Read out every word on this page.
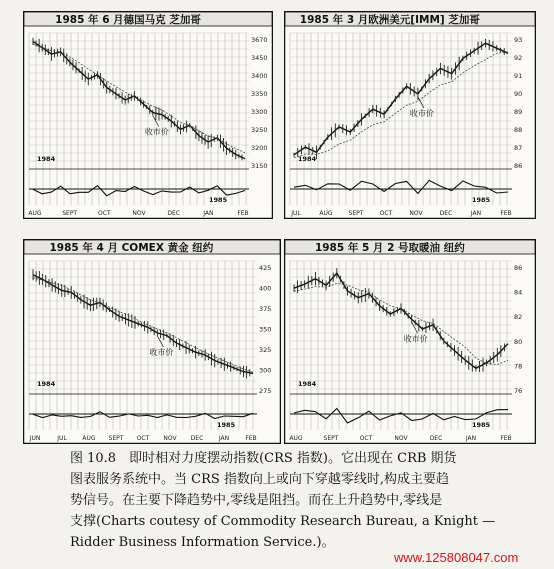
1985 年 6 月德国马克 芝加哥
3670
3450
3400
3350
3300
3250
3200
3150
AUG	SEPT	OCT	NOV	DEC	JAN	FEB
1984
1985
收市价
1985 年 3 月欧洲美元[IMM] 芝加哥
93
92
91
90
89
88
87
86
JUL	AUG	SEPT	OCT	NOV	DEC	JAN	FEB
1984
1985
收市价
1985 年 4 月 COMEX 黄金 纽约
425
400
375
350
325
300
275
JUN	JUL	AUG SEPT OCT NOV DEC	JAN	FEB
1984
1985
收市价
1985 年 5 月 2 号取暖油 纽约
86
84
82
80
78
76
AUG	SEPT	OCT	NOV	DEC	JAN	FEB
1984
1985
收市价

图 10.8　即时相对力度摆动指数(CRS 指数)。它出现在 CRB 期货

图表服务系统中。当 CRS 指数向上或向下穿越零线时,构成主要趋

势信号。在主要下降趋势中,零线是阻挡。而在上升趋势中,零线是

支撑(Charts coutesy of Commodity Research Bureau, a Knight —

Ridder Business Information Service.)。

www.125808047.com
